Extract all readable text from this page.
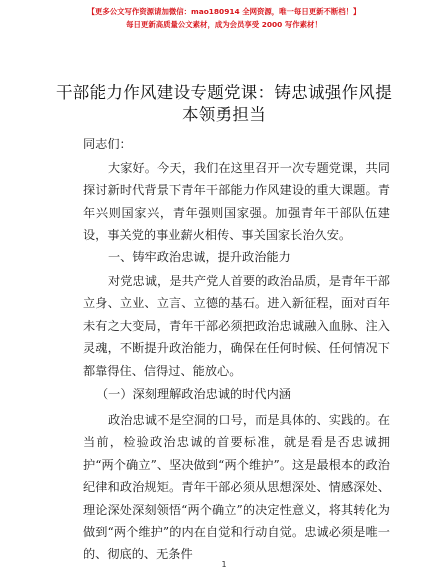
【更多公文写作资源请加微信：mao180914 全网资源，唯一每日更新不断档！】
每日更新高质量公文素材，成为会员享受 2000 写作素材！
干部能力作风建设专题党课：铸忠诚强作风提本领勇担当
同志们：
大家好。今天，我们在这里召开一次专题党课，共同探讨新时代背景下青年干部能力作风建设的重大课题。青年兴则国家兴，青年强则国家强。加强青年干部队伍建设，事关党的事业薪火相传、事关国家长治久安。
一、铸牢政治忠诚，提升政治能力
对党忠诚，是共产党人首要的政治品质，是青年干部立身、立业、立言、立德的基石。进入新征程，面对百年未有之大变局，青年干部必须把政治忠诚融入血脉、注入灵魂，不断提升政治能力，确保在任何时候、任何情况下都靠得住、信得过、能放心。
（一）深刻理解政治忠诚的时代内涵
政治忠诚不是空洞的口号，而是具体的、实践的。在当前，检验政治忠诚的首要标准，就是看是否忠诚拥护“两个确立”、坚决做到“两个维护”。这是最根本的政治纪律和政治规矩。青年干部必须从思想深处、情感深处、理论深处深刻领悟“两个确立”的决定性意义，将其转化为做到“两个维护”的内在自觉和行动自觉。忠诚必须是唯一的、彻底的、无条件
1
